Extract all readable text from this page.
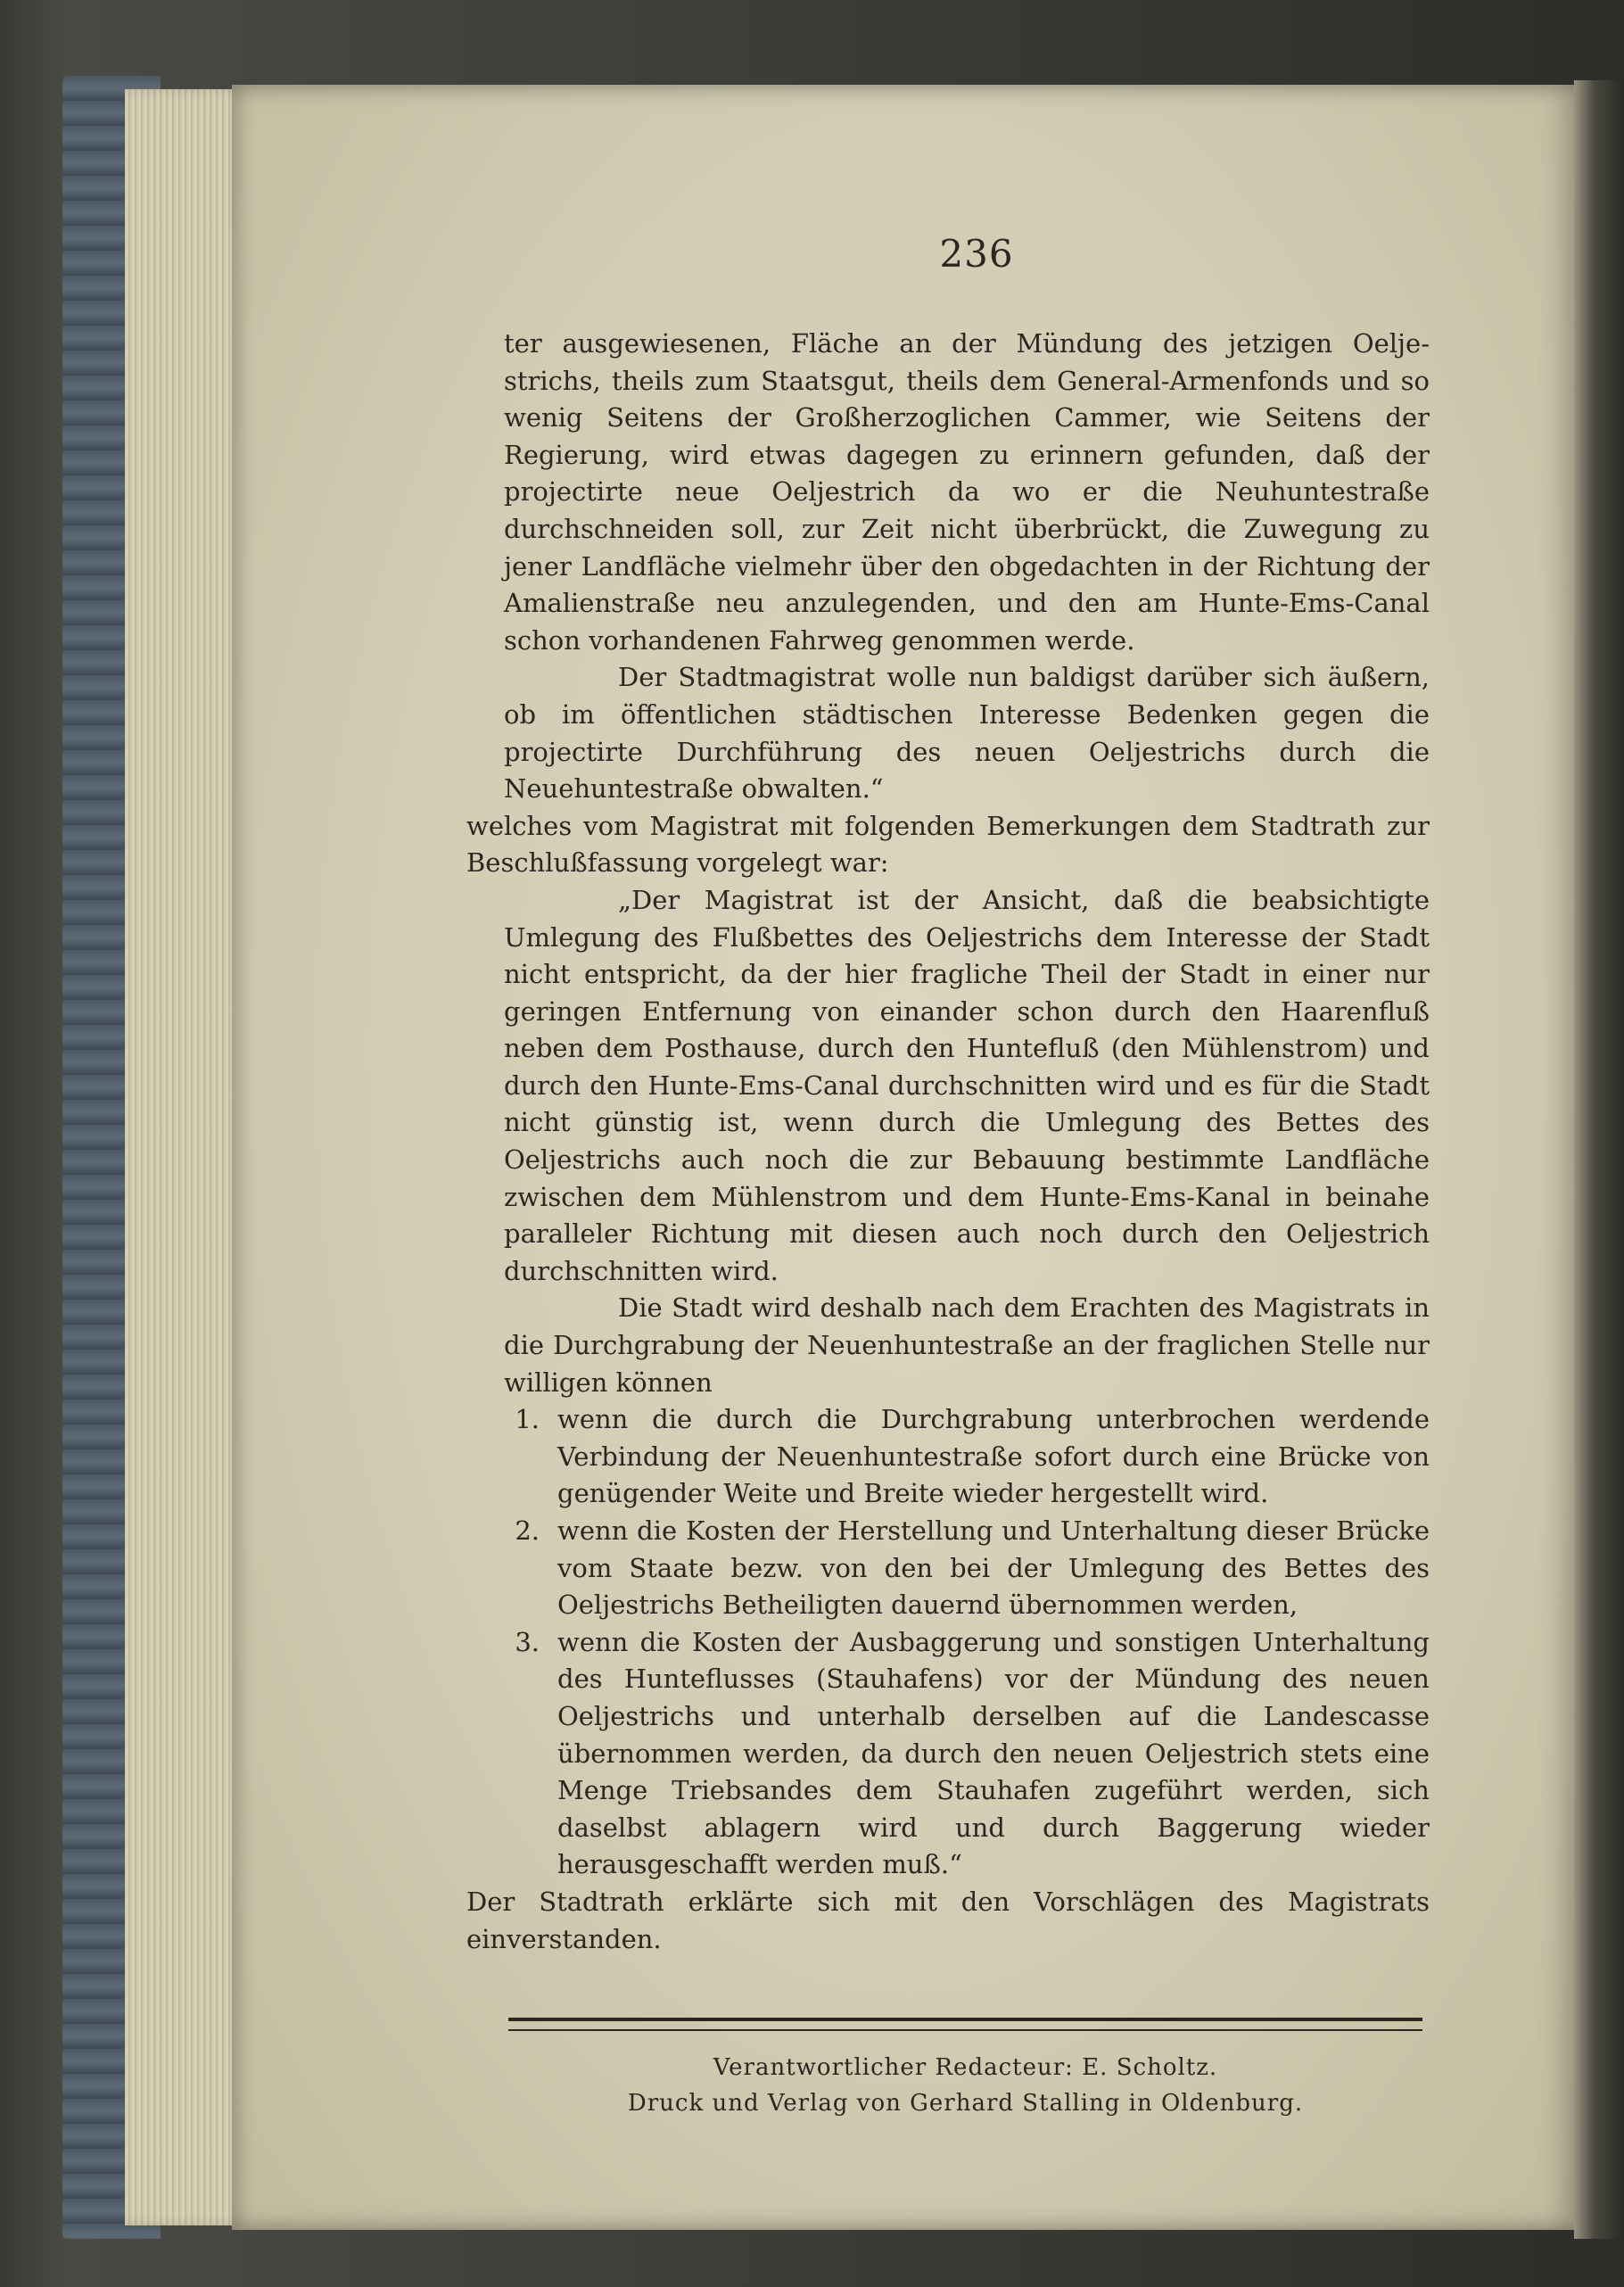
236

ter ausgewiesenen, Fläche an der Mündung des jetzigen Oelje-strichs, theils zum Staatsgut, theils dem General-Armenfonds und so wenig Seitens der Großherzoglichen Cammer, wie Seitens der Regierung, wird etwas dagegen zu erinnern gefunden, daß der projectirte neue Oeljestrich da wo er die Neuhuntestraße durchschneiden soll, zur Zeit nicht überbrückt, die Zuwegung zu jener Landfläche vielmehr über den obgedachten in der Richtung der Amalienstraße neu anzulegenden, und den am Hunte-Ems-Canal schon vorhandenen Fahrweg genommen werde.

Der Stadtmagistrat wolle nun baldigst darüber sich äußern, ob im öffentlichen städtischen Interesse Bedenken gegen die projectirte Durchführung des neuen Oeljestrichs durch die Neuehuntestraße obwalten.“

welches vom Magistrat mit folgenden Bemerkungen dem Stadtrath zur Beschlußfassung vorgelegt war:

„Der Magistrat ist der Ansicht, daß die beabsichtigte Umlegung des Flußbettes des Oeljestrichs dem Interesse der Stadt nicht entspricht, da der hier fragliche Theil der Stadt in einer nur geringen Entfernung von einander schon durch den Haarenfluß neben dem Posthause, durch den Huntefluß (den Mühlenstrom) und durch den Hunte-Ems-Canal durchschnitten wird und es für die Stadt nicht günstig ist, wenn durch die Umlegung des Bettes des Oeljestrichs auch noch die zur Bebauung bestimmte Landfläche zwischen dem Mühlenstrom und dem Hunte-Ems-Kanal in beinahe paralleler Richtung mit diesen auch noch durch den Oeljestrich durchschnitten wird.

Die Stadt wird deshalb nach dem Erachten des Magistrats in die Durchgrabung der Neuenhuntestraße an der fraglichen Stelle nur willigen können

1. wenn die durch die Durchgrabung unterbrochen werdende Verbindung der Neuenhuntestraße sofort durch eine Brücke von genügender Weite und Breite wieder hergestellt wird.
2. wenn die Kosten der Herstellung und Unterhaltung dieser Brücke vom Staate bezw. von den bei der Umlegung des Bettes des Oeljestrichs Betheiligten dauernd übernommen werden,
3. wenn die Kosten der Ausbaggerung und sonstigen Unterhaltung des Hunteflusses (Stauhafens) vor der Mündung des neuen Oeljestrichs und unterhalb derselben auf die Landescasse übernommen werden, da durch den neuen Oeljestrich stets eine Menge Triebsandes dem Stauhafen zugeführt werden, sich daselbst ablagern wird und durch Baggerung wieder herausgeschafft werden muß.“

Der Stadtrath erklärte sich mit den Vorschlägen des Magistrats einverstanden.

Verantwortlicher Redacteur: E. Scholtz.
Druck und Verlag von Gerhard Stalling in Oldenburg.
